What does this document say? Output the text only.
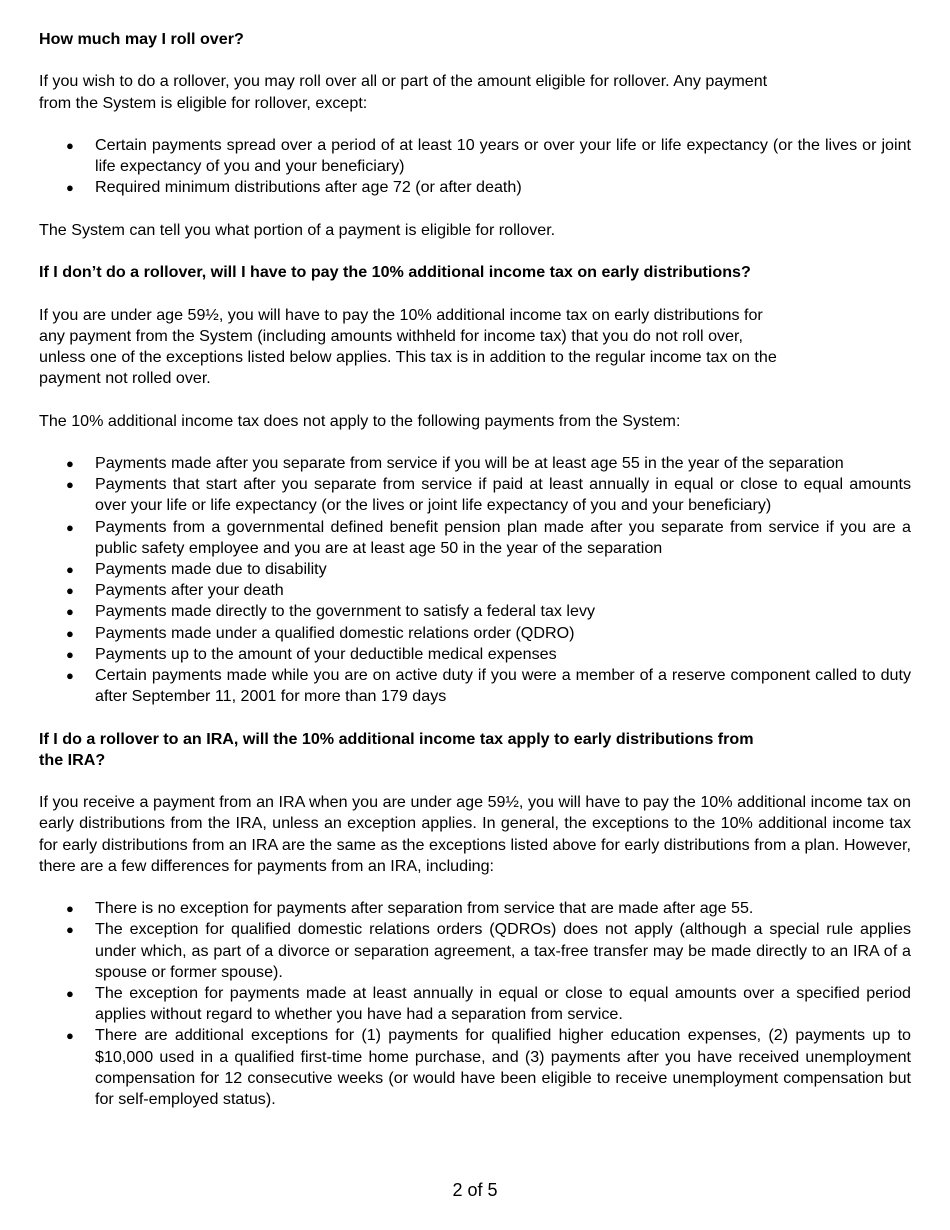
How much may I roll over?

If you wish to do a rollover, you may roll over all or part of the amount eligible for rollover. Any payment
from the System is eligible for rollover, except:

● Certain payments spread over a period of at least 10 years or over your life or life expectancy (or the lives or joint life expectancy of you and your beneficiary)
● Required minimum distributions after age 72 (or after death)

The System can tell you what portion of a payment is eligible for rollover.

If I don’t do a rollover, will I have to pay the 10% additional income tax on early distributions?

If you are under age 59½, you will have to pay the 10% additional income tax on early distributions for
any payment from the System (including amounts withheld for income tax) that you do not roll over,
unless one of the exceptions listed below applies. This tax is in addition to the regular income tax on the
payment not rolled over.

The 10% additional income tax does not apply to the following payments from the System:

● Payments made after you separate from service if you will be at least age 55 in the year of the separation
● Payments that start after you separate from service if paid at least annually in equal or close to equal amounts over your life or life expectancy (or the lives or joint life expectancy of you and your beneficiary)
● Payments from a governmental defined benefit pension plan made after you separate from service if you are a public safety employee and you are at least age 50 in the year of the separation
● Payments made due to disability
● Payments after your death
● Payments made directly to the government to satisfy a federal tax levy
● Payments made under a qualified domestic relations order (QDRO)
● Payments up to the amount of your deductible medical expenses
● Certain payments made while you are on active duty if you were a member of a reserve component called to duty after September 11, 2001 for more than 179 days
If I do a rollover to an IRA, will the 10% additional income tax apply to early distributions from
the IRA?

If you receive a payment from an IRA when you are under age 59½, you will have to pay the 10% additional income tax on early distributions from the IRA, unless an exception applies. In general, the exceptions to the 10% additional income tax for early distributions from an IRA are the same as the exceptions listed above for early distributions from a plan. However, there are a few differences for payments from an IRA, including:

● There is no exception for payments after separation from service that are made after age 55.
● The exception for qualified domestic relations orders (QDROs) does not apply (although a special rule applies under which, as part of a divorce or separation agreement, a tax-free transfer may be made directly to an IRA of a spouse or former spouse).
● The exception for payments made at least annually in equal or close to equal amounts over a specified period applies without regard to whether you have had a separation from service.
● There are additional exceptions for (1) payments for qualified higher education expenses, (2) payments up to $10,000 used in a qualified first-time home purchase, and (3) payments after you have received unemployment compensation for 12 consecutive weeks (or would have been eligible to receive unemployment compensation but for self-employed status).
2 of 5
